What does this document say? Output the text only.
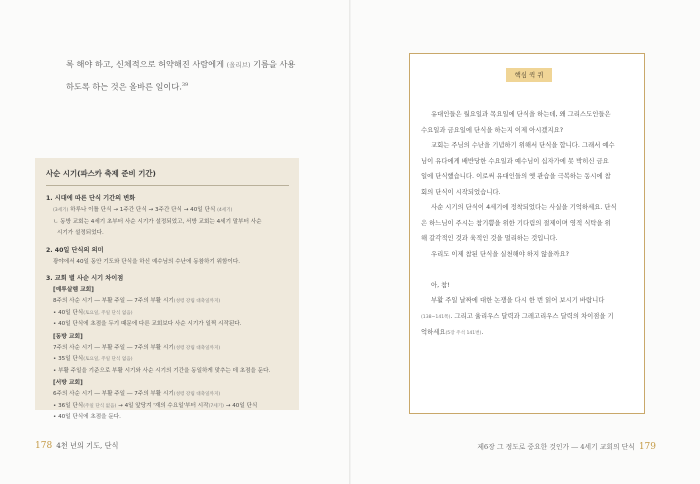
록 해야 하고, 신체적으로 허약해진 사람에게 (올리브) 기름을 사용
하도록 하는 것은 올바른 일이다.$^{39}$
사순 시기(파스카 축제 준비 기간)
1. 시대에 따른 단식 기간의 변화
(3세기) 하루나 이틀 단식 → 1주간 단식 → 3주간 단식 → 40일 단식 (4세기)
ㄴ 동방 교회는 4세기 초부터 사순 시기가 설정되었고, 서방 교회는 4세기 말부터 사순
시기가 설정되었다.
2. 40일 단식의 의미
광야에서 40일 동안 기도와 단식을 하신 예수님의 수난에 동참하기 위함이다.
3. 교회 별 사순 시기 차이점
[예루살렘 교회]
8주의 사순 시기 ― 부활 주일 ― 7주의 부활 시기(성령 강림 대축일까지)
• 40일 단식(토요일, 주일 단식 없음)
• 40일 단식에 초점을 두기 때문에 다른 교회보다 사순 시기가 일찍 시작된다.
[동방 교회]
7주의 사순 시기 ― 부활 주일 ― 7주의 부활 시기(성령 강림 대축일까지)
• 35일 단식(토요일, 주일 단식 없음)
• 부활 주일을 기준으로 부활 시기와 사순 시기의 기간을 동일하게 맞추는 데 초점을 둔다.
[서방 교회]
6주의 사순 시기 ― 부활 주일 ― 7주의 부활 시기(성령 강림 대축일까지)
• 36일 단식(주일 단식 없음) → 4일 앞당겨 '재의 수요일'부터 시작(7세기) → 40일 단식
• 40일 단식에 초점을 둔다.
178 4천 년의 기도, 단식
핵심 퀵 퀴
유대인들은 월요일과 목요일에 단식을 하는데, 왜 그리스도인들은
수요일과 금요일에 단식을 하는지 이제 아시겠지요?
교회는 주님의 수난을 기념하기 위해서 단식을 합니다. 그래서 예수
님이 유다에게 배반당한 수요일과 예수님이 십자가에 못 박히신 금요
일에 단식했습니다. 이로써 유대인들의 옛 관습을 극복하는 동시에 참
회의 단식이 시작되었습니다.
사순 시기의 단식이 4세기에 정착되었다는 사실을 기억하세요. 단식
은 하느님이 주시는 참기쁨을 위한 기다림의 절제이며 영적 식탁을 위
해 갈각적인 것과 육적인 것을 멀리하는 것입니다.
우리도 이제 참된 단식을 실천해야 하지 않을까요?
아, 참!
부활 주일 날짜에 대한 논쟁을 다시 한 번 읽어 보시기 바랍니다
(138~141쪽). 그리고 율리우스 달력과 그레고리우스 달력의 차이점을 기
억하세요(5장 주석 141번).
제6장 그 정도로 중요한 것인가 ― 4세기 교회의 단식 179
